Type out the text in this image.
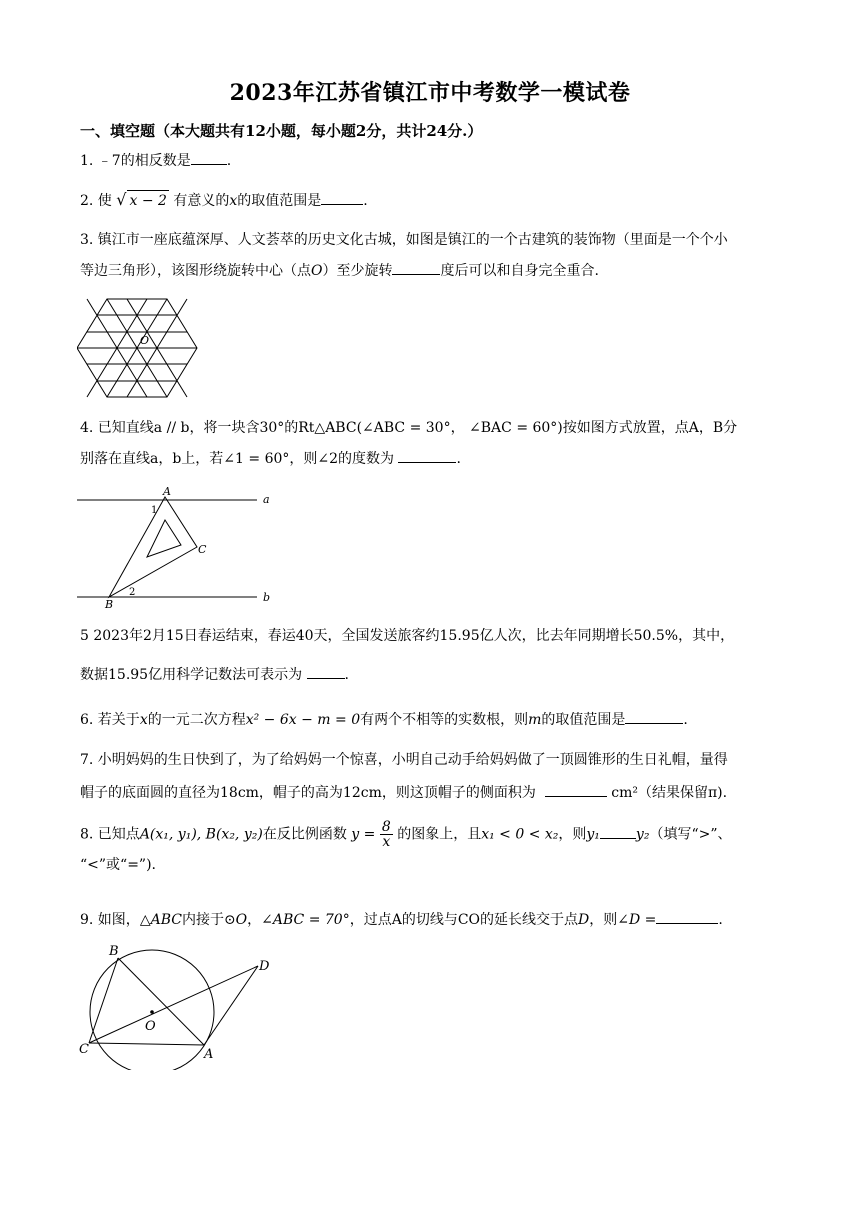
2023年江苏省镇江市中考数学一模试卷
一、填空题（本大题共有12小题，每小题2分，共计24分.）
1. ﹣7的相反数是	.
2. 使 √ x − 2 有意义的x的取值范围是	.
3. 镇江市一座底蕴深厚、人文荟萃的历史文化古城，如图是镇江的一个古建筑的装饰物（里面是一个个小
等边三角形），该图形绕旋转中心（点O）至少旋转	度后可以和自身完全重合.
O
4. 已知直线a // b，将一块含30°的Rt△ABC(∠ABC = 30°， ∠BAC = 60°)按如图方式放置，点A，B分
别落在直线a，b上，若∠1 = 60°，则∠2的度数为	.
A
B
C
a
b
1
2
5 2023年2月15日春运结束，春运40天，全国发送旅客约15.95亿人次，比去年同期增长50.5%，其中，
数据15.95亿用科学记数法可表示为	.
6. 若关于x的一元二次方程x² − 6x − m = 0有两个不相等的实数根，则m的取值范围是	.
7. 小明妈妈的生日快到了，为了给妈妈一个惊喜，小明自己动手给妈妈做了一顶圆锥形的生日礼帽，量得
帽子的底面圆的直径为18cm，帽子的高为12cm，则这顶帽子的侧面积为	cm²（结果保留π).
8. 已知点A(x₁, y₁), B(x₂, y₂)在反比例函数 $y = \frac{8}{x}$ 的图象上，且x₁ < 0 < x₂，则y₁	y₂（填写“>”、
“<”或“=”).
9. 如图，△ABC内接于⊙O，∠ABC = 70°，过点A的切线与CO的延长线交于点D，则∠D =	.
B
C	A
D
O
